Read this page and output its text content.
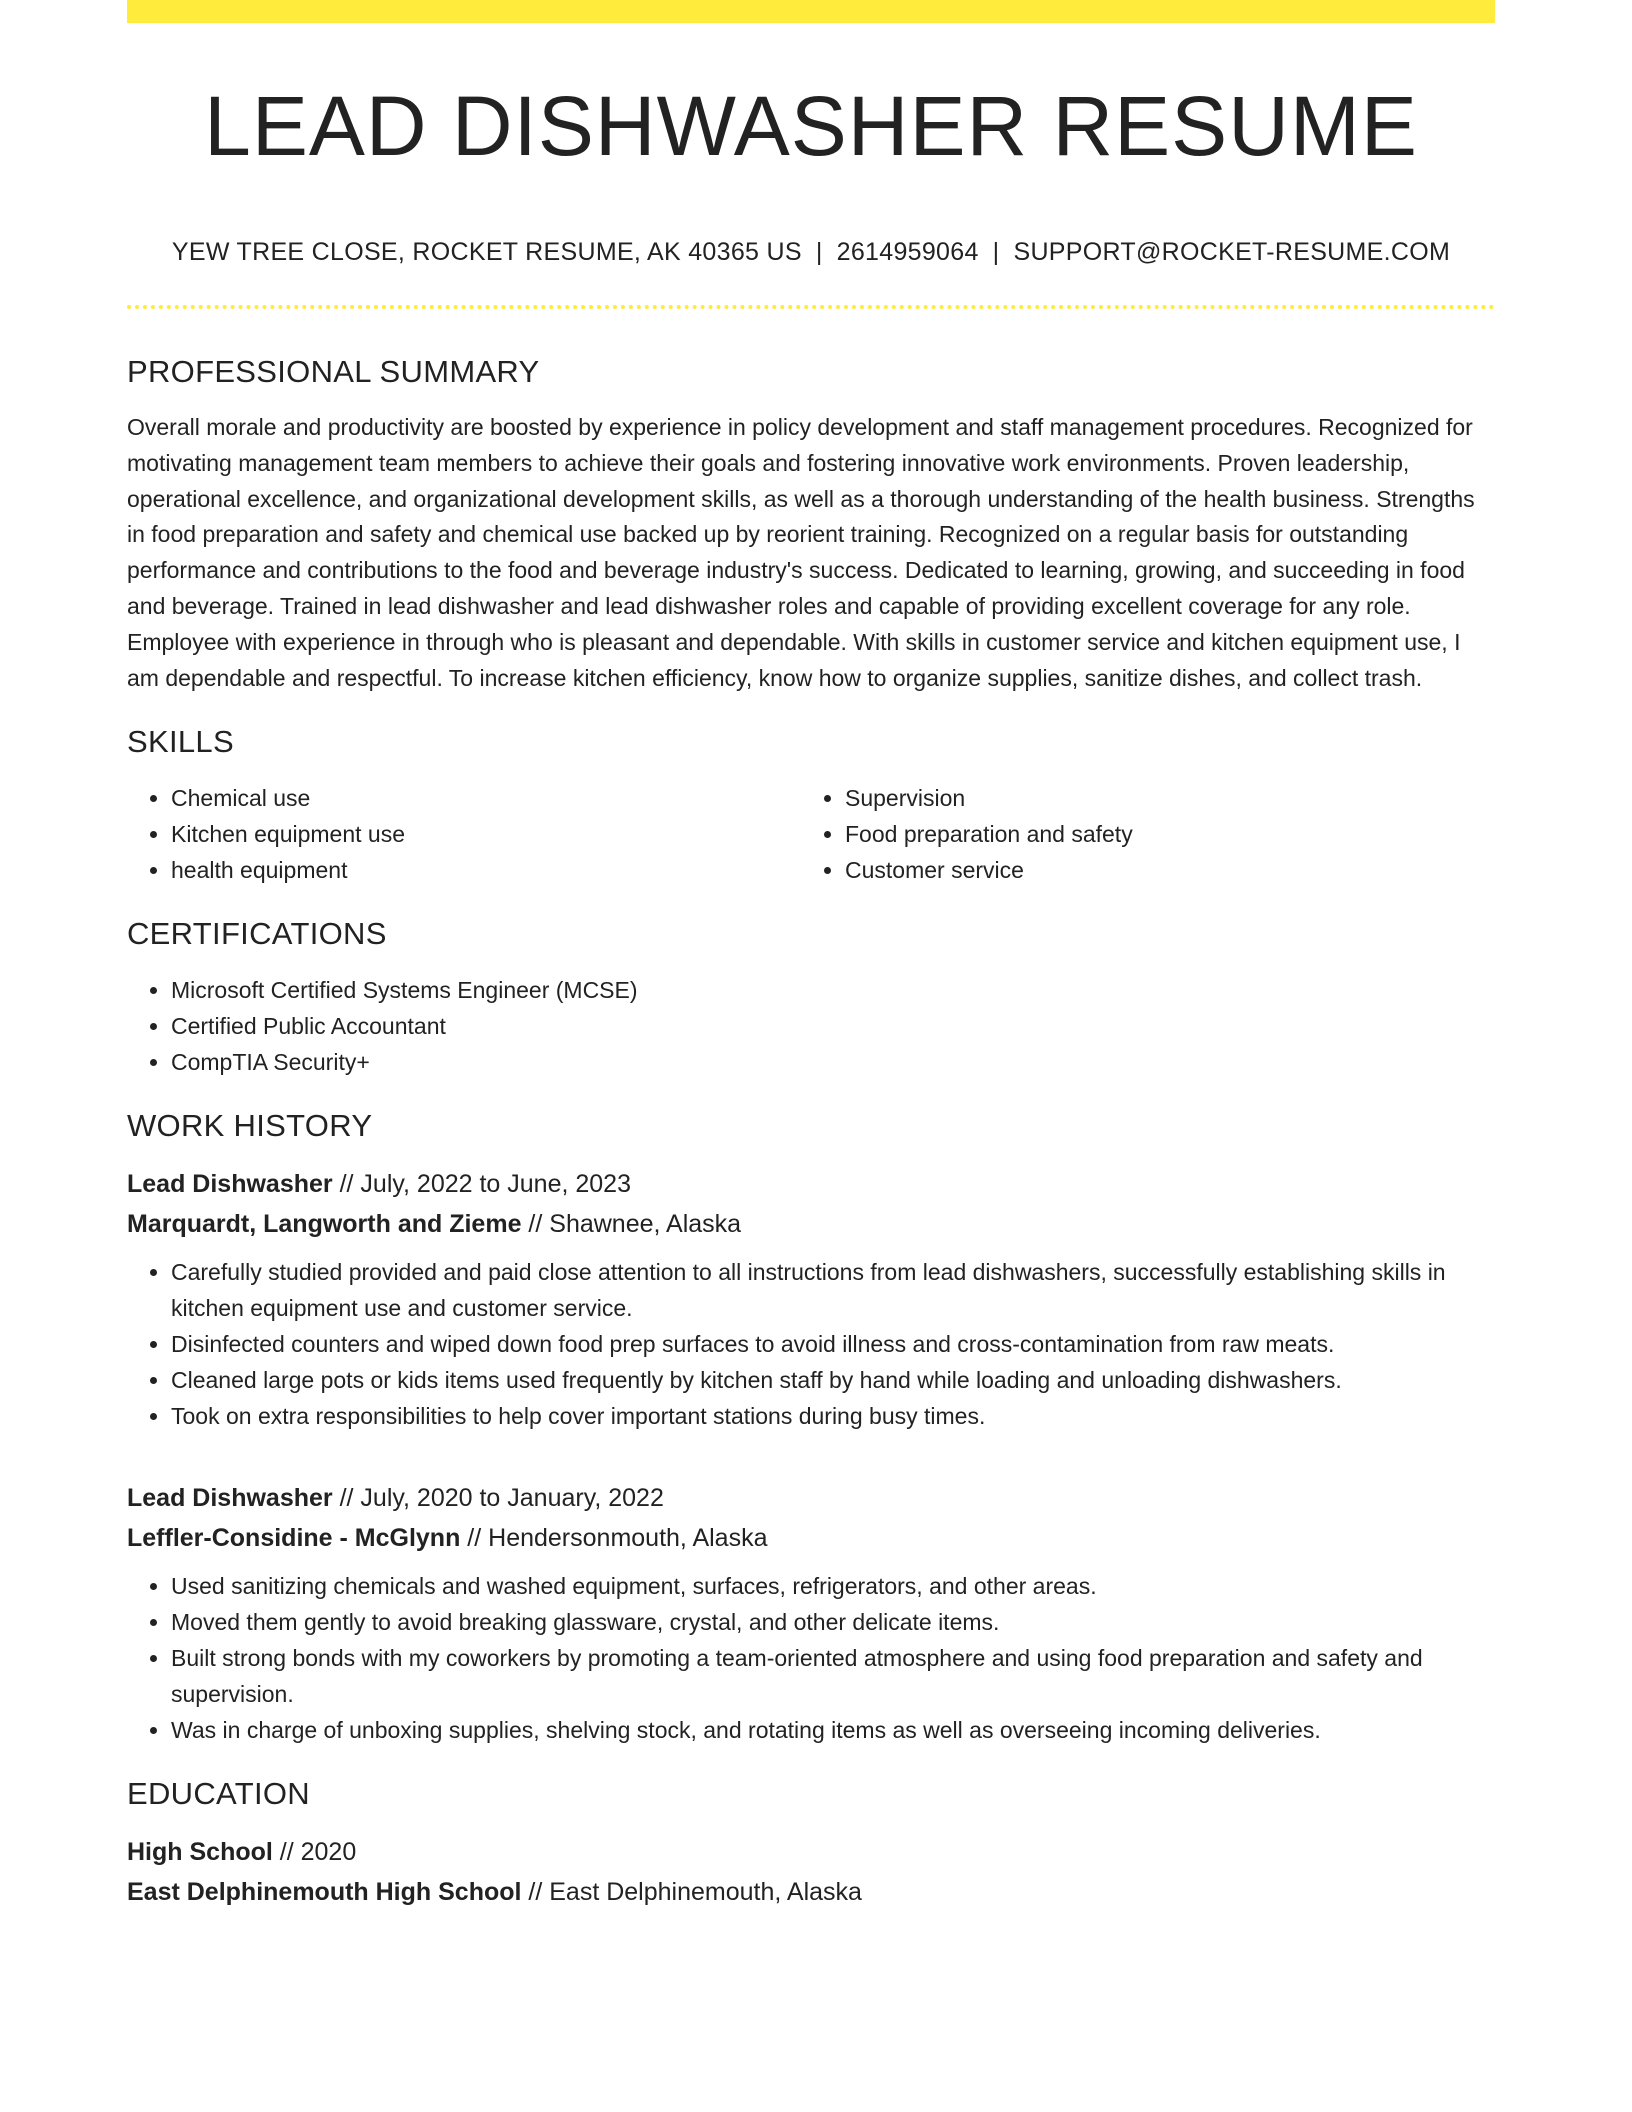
LEAD DISHWASHER RESUME
YEW TREE CLOSE, ROCKET RESUME, AK 40365 US | 2614959064 | SUPPORT@ROCKET-RESUME.COM
PROFESSIONAL SUMMARY

Overall morale and productivity are boosted by experience in policy development and staff management procedures. Recognized for motivating management team members to achieve their goals and fostering innovative work environments. Proven leadership, operational excellence, and organizational development skills, as well as a thorough understanding of the health business. Strengths in food preparation and safety and chemical use backed up by reorient training. Recognized on a regular basis for outstanding performance and contributions to the food and beverage industry's success. Dedicated to learning, growing, and succeeding in food and beverage. Trained in lead dishwasher and lead dishwasher roles and capable of providing excellent coverage for any role. Employee with experience in through who is pleasant and dependable. With skills in customer service and kitchen equipment use, I am dependable and respectful. To increase kitchen efficiency, know how to organize supplies, sanitize dishes, and collect trash.

SKILLS
• Chemical use
• Kitchen equipment use
• health equipment
• Supervision
• Food preparation and safety
• Customer service
CERTIFICATIONS
• Microsoft Certified Systems Engineer (MCSE)
• Certified Public Accountant
• CompTIA Security+
WORK HISTORY
Lead Dishwasher // July, 2022 to June, 2023
Marquardt, Langworth and Zieme // Shawnee, Alaska
• Carefully studied provided and paid close attention to all instructions from lead dishwashers, successfully establishing skills in kitchen equipment use and customer service.
• Disinfected counters and wiped down food prep surfaces to avoid illness and cross-contamination from raw meats.
• Cleaned large pots or kids items used frequently by kitchen staff by hand while loading and unloading dishwashers.
• Took on extra responsibilities to help cover important stations during busy times.
Lead Dishwasher // July, 2020 to January, 2022
Leffler-Considine - McGlynn // Hendersonmouth, Alaska
• Used sanitizing chemicals and washed equipment, surfaces, refrigerators, and other areas.
• Moved them gently to avoid breaking glassware, crystal, and other delicate items.
• Built strong bonds with my coworkers by promoting a team-oriented atmosphere and using food preparation and safety and supervision.
• Was in charge of unboxing supplies, shelving stock, and rotating items as well as overseeing incoming deliveries.
EDUCATION
High School // 2020
East Delphinemouth High School // East Delphinemouth, Alaska
